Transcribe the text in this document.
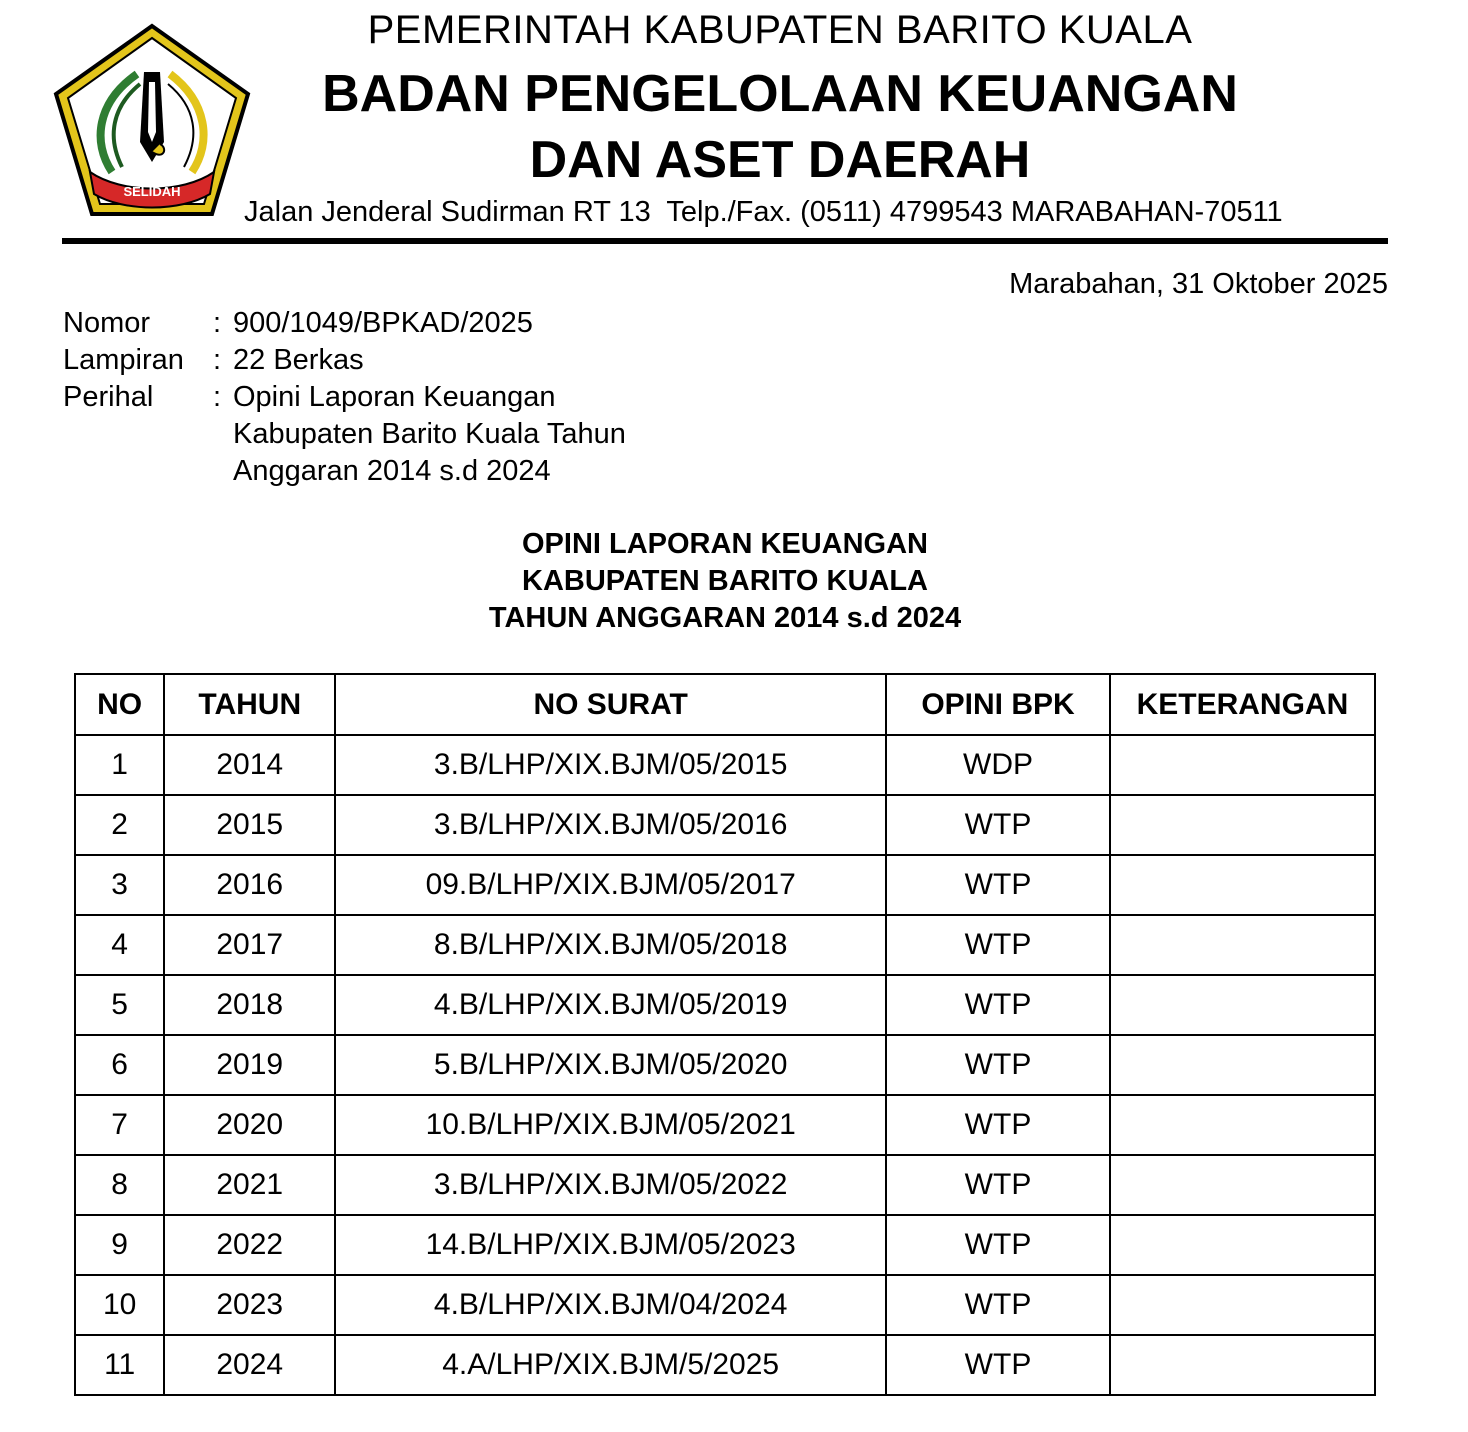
SELIDAH
PEMERINTAH KABUPATEN BARITO KUALA
BADAN PENGELOLAAN KEUANGAN
DAN ASET DAERAH
Jalan Jenderal Sudirman RT 13  Telp./Fax. (0511) 4799543 MARABAHAN-70511
Marabahan, 31 Oktober 2025
Nomor	: 900/1049/BPKAD/2025
Lampiran	: 22 Berkas
Perihal	: Opini Laporan Keuangan
Kabupaten Barito Kuala Tahun
Anggaran 2014 s.d 2024
OPINI LAPORAN KEUANGAN
KABUPATEN BARITO KUALA
TAHUN ANGGARAN 2014 s.d 2024
NO	TAHUN	NO SURAT	OPINI BPK	KETERANGAN
1	2014	3.B/LHP/XIX.BJM/05/2015	WDP	
2	2015	3.B/LHP/XIX.BJM/05/2016	WTP	
3	2016	09.B/LHP/XIX.BJM/05/2017	WTP	
4	2017	8.B/LHP/XIX.BJM/05/2018	WTP	
5	2018	4.B/LHP/XIX.BJM/05/2019	WTP	
6	2019	5.B/LHP/XIX.BJM/05/2020	WTP	
7	2020	10.B/LHP/XIX.BJM/05/2021	WTP	
8	2021	3.B/LHP/XIX.BJM/05/2022	WTP	
9	2022	14.B/LHP/XIX.BJM/05/2023	WTP	
10	2023	4.B/LHP/XIX.BJM/04/2024	WTP	
11	2024	4.A/LHP/XIX.BJM/5/2025	WTP	
